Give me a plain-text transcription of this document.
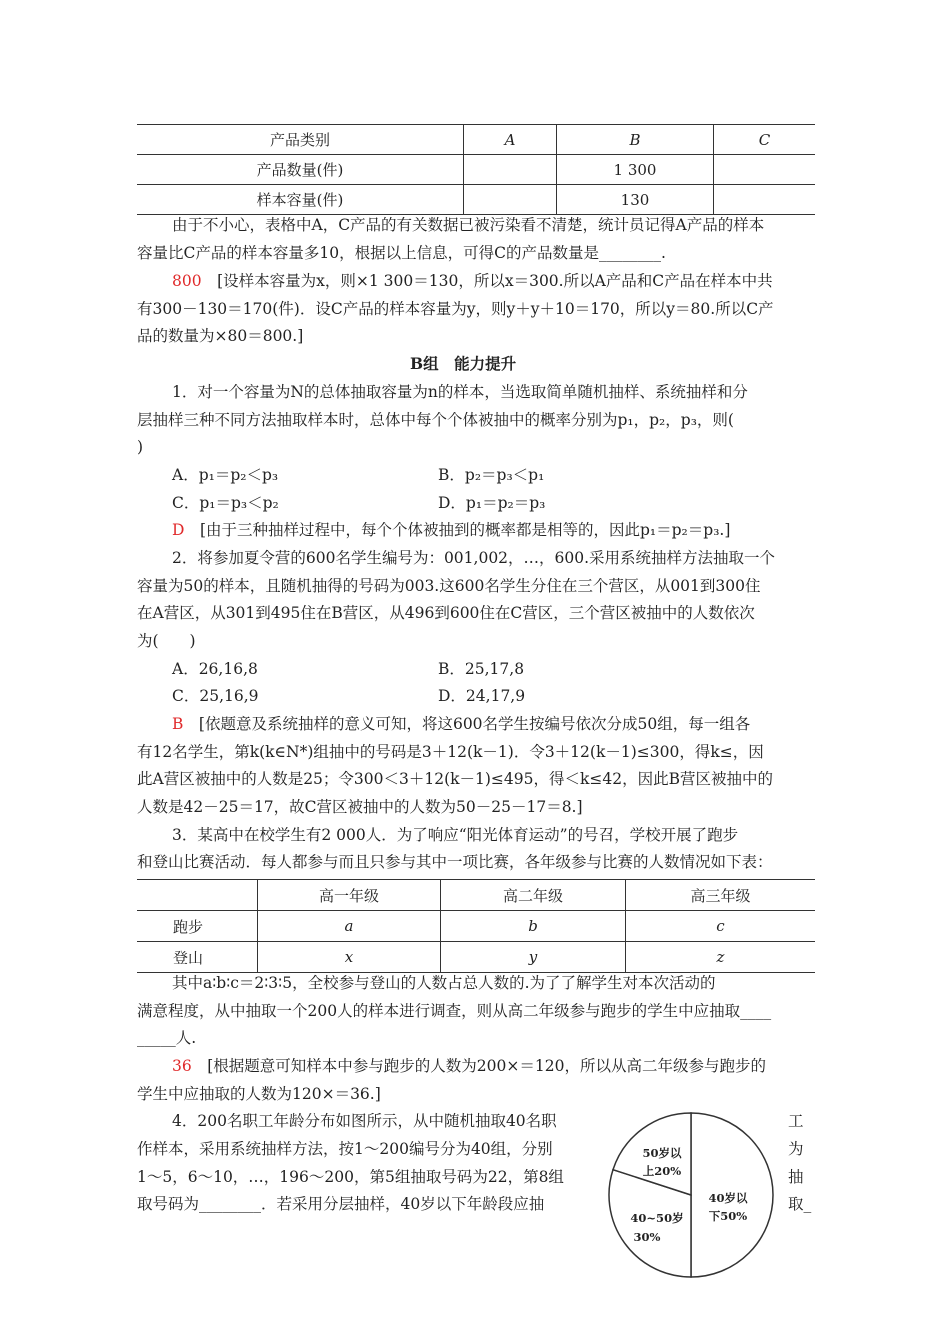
产品类别	A	B	C
产品数量(件)		1 300	
样本容量(件)		130	
由于不小心，表格中A，C产品的有关数据已被污染看不清楚，统计员记得A产品的样本
容量比C产品的样本容量多10，根据以上信息，可得C的产品数量是________.
800　 [设样本容量为x，则×1 300＝130，所以x＝300.所以A产品和C产品在样本中共
有300－130＝170(件)．设C产品的样本容量为y，则y＋y＋10＝170，所以y＝80.所以C产
品的数量为×80＝800.]
B组　能力提升
1．对一个容量为N的总体抽取容量为n的样本，当选取简单随机抽样、系统抽样和分
层抽样三种不同方法抽取样本时，总体中每个个体被抽中的概率分别为p₁，p₂，p₃，则(
)
A．p₁＝p₂＜p₃	B．p₂＝p₃＜p₁
C．p₁＝p₃＜p₂	D．p₁＝p₂＝p₃
D　 [由于三种抽样过程中，每个个体被抽到的概率都是相等的，因此p₁＝p₂＝p₃.]
2．将参加夏令营的600名学生编号为：001,002，…，600.采用系统抽样方法抽取一个
容量为50的样本，且随机抽得的号码为003.这600名学生分住在三个营区，从001到300住
在A营区，从301到495住在B营区，从496到600住在C营区，三个营区被抽中的人数依次
为(　　)
A．26,16,8	B．25,17,8
C．25,16,9	D．24,17,9
B　 [依题意及系统抽样的意义可知，将这600名学生按编号依次分成50组，每一组各
有12名学生，第k(k∈N*)组抽中的号码是3＋12(k－1)．令3＋12(k－1)≤300，得k≤，因
此A营区被抽中的人数是25；令300＜3＋12(k－1)≤495，得＜k≤42，因此B营区被抽中的
人数是42－25＝17，故C营区被抽中的人数为50－25－17＝8.]
3．某高中在校学生有2 000人．为了响应“阳光体育运动”的号召，学校开展了跑步
和登山比赛活动．每人都参与而且只参与其中一项比赛，各年级参与比赛的人数情况如下表：
	高一年级	高二年级	高三年级
跑步	a	b	c
登山	x	y	z
其中a∶b∶c＝2∶3∶5，全校参与登山的人数占总人数的.为了了解学生对本次活动的
满意程度，从中抽取一个200人的样本进行调查，则从高二年级参与跑步的学生中应抽取____
_____人.
36　 [根据题意可知样本中参与跑步的人数为200×＝120，所以从高二年级参与跑步的
学生中应抽取的人数为120×＝36.]
4．200名职工年龄分布如图所示，从中随机抽取40名职
作样本，采用系统抽样方法，按1～200编号分为40组，分别
1～5，6～10，…，196～200，第5组抽取号码为22，第8组
取号码为________．若采用分层抽样，40岁以下年龄段应抽
工
为
抽
取_
40岁以
下50%
40~50岁
30%
50岁以
上20%
